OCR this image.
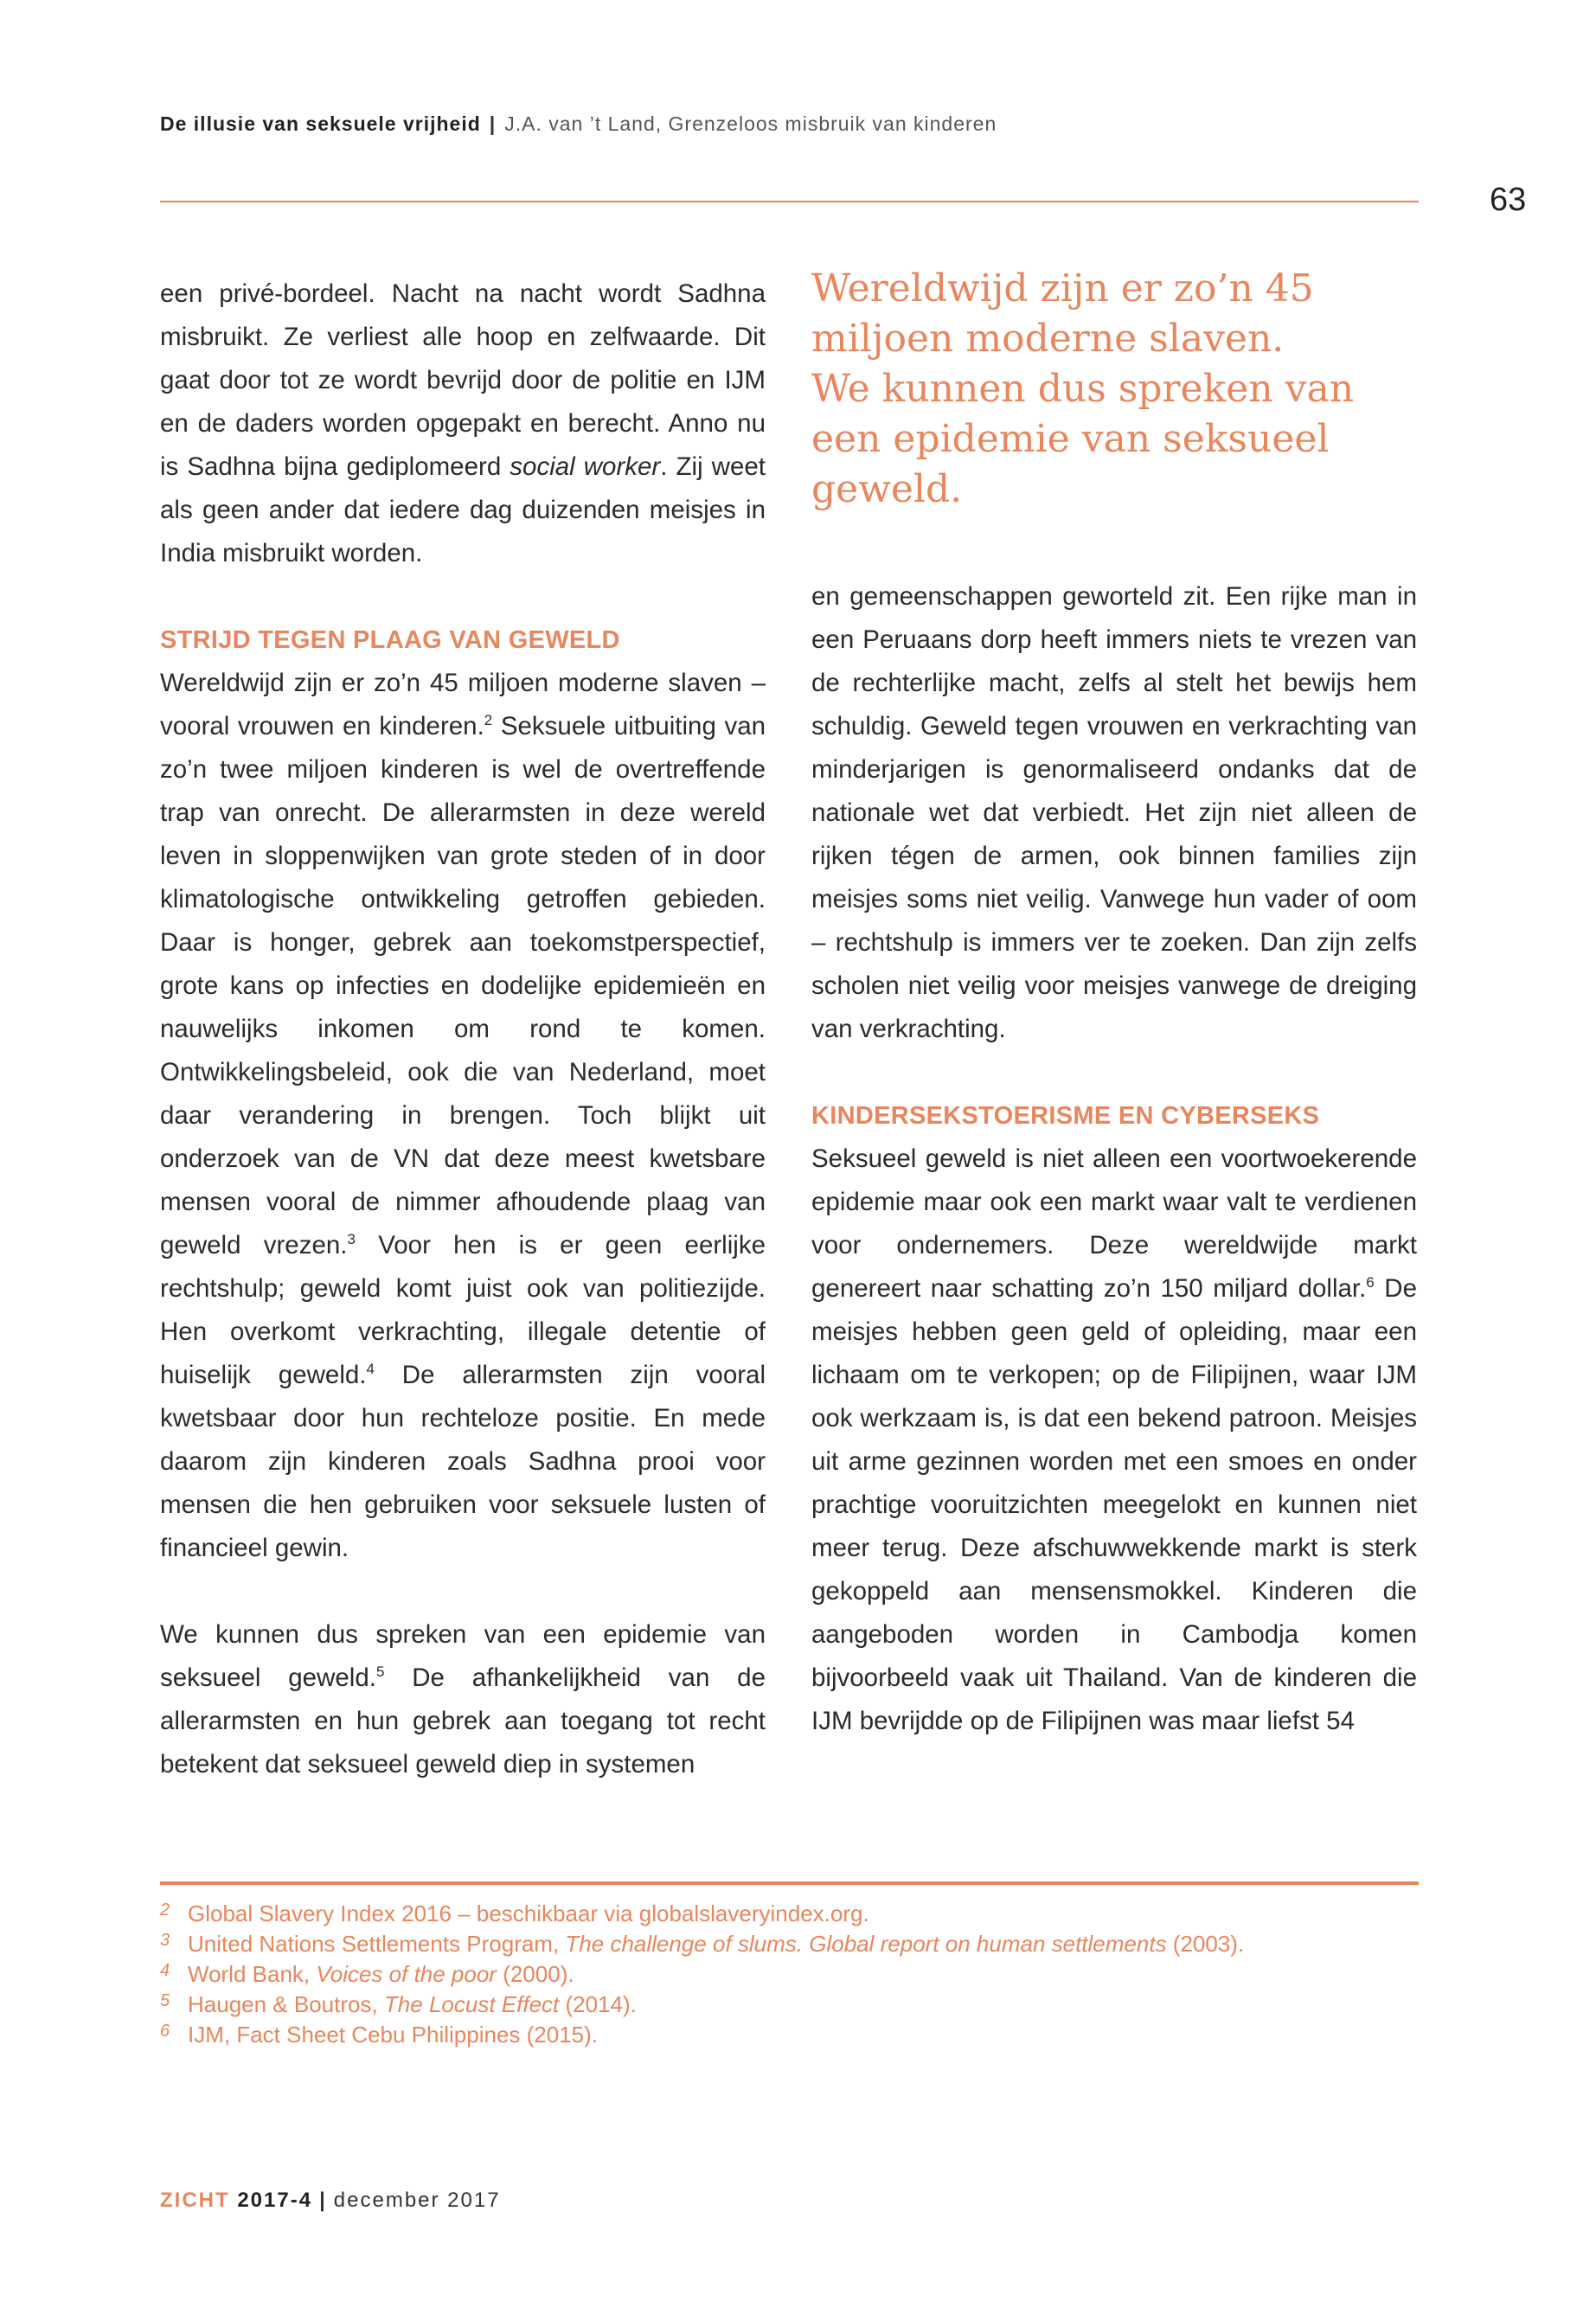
De illusie van seksuele vrijheid | J.A. van ’t Land, Grenzeloos misbruik van kinderen
63

een privé-bordeel. Nacht na nacht wordt Sadhna misbruikt. Ze verliest alle hoop en zelfwaarde. Dit gaat door tot ze wordt bevrijd door de politie en IJM en de daders worden opgepakt en berecht. Anno nu is Sadhna bijna gediplomeerd social worker. Zij weet als geen ander dat iedere dag duizenden meisjes in India misbruikt worden.

STRIJD TEGEN PLAAG VAN GEWELD

Wereldwijd zijn er zo’n 45 miljoen moderne slaven – vooral vrouwen en kinderen.$^2$ Seksuele uitbuiting van zo’n twee miljoen kinderen is wel de overtreffende trap van onrecht. De allerarmsten in deze wereld leven in sloppenwijken van grote steden of in door klimatologische ontwikkeling getroffen gebieden. Daar is honger, gebrek aan toekomstperspectief, grote kans op infecties en dodelijke epidemieën en nauwelijks inkomen om rond te komen. Ontwikkelingsbeleid, ook die van Nederland, moet daar verandering in brengen. Toch blijkt uit onderzoek van de VN dat deze meest kwetsbare mensen vooral de nimmer afhoudende plaag van geweld vrezen.$^3$ Voor hen is er geen eerlijke rechtshulp; geweld komt juist ook van politiezijde. Hen overkomt verkrachting, illegale detentie of huiselijk geweld.$^4$ De allerarmsten zijn vooral kwetsbaar door hun rechteloze positie. En mede daarom zijn kinderen zoals Sadhna prooi voor mensen die hen gebruiken voor seksuele lusten of financieel gewin.

We kunnen dus spreken van een epidemie van seksueel geweld.$^5$ De afhankelijkheid van de allerarmsten en hun gebrek aan toegang tot recht betekent dat seksueel geweld diep in systemen

Wereldwijd zijn er zo’n 45
miljoen moderne slaven.
We kunnen dus spreken van
een epidemie van seksueel
geweld.

en gemeenschappen geworteld zit. Een rijke man in een Peruaans dorp heeft immers niets te vrezen van de rechterlijke macht, zelfs al stelt het bewijs hem schuldig. Geweld tegen vrouwen en verkrachting van minderjarigen is genormaliseerd ondanks dat de nationale wet dat verbiedt. Het zijn niet alleen de rijken tégen de armen, ook binnen families zijn meisjes soms niet veilig. Vanwege hun vader of oom – rechtshulp is immers ver te zoeken. Dan zijn zelfs scholen niet veilig voor meisjes vanwege de dreiging van verkrachting.

KINDERSEKSTOERISME EN CYBERSEKS

Seksueel geweld is niet alleen een voortwoekerende epidemie maar ook een markt waar valt te verdienen voor ondernemers. Deze wereldwijde markt genereert naar schatting zo’n 150 miljard dollar.$^6$ De meisjes hebben geen geld of opleiding, maar een lichaam om te verkopen; op de Filipijnen, waar IJM ook werkzaam is, is dat een bekend patroon. Meisjes uit arme gezinnen worden met een smoes en onder prachtige vooruitzichten meegelokt en kunnen niet meer terug. Deze afschuwwekkende markt is sterk gekoppeld aan mensensmokkel. Kinderen die aangeboden worden in Cambodja komen bijvoorbeeld vaak uit Thailand. Van de kinderen die IJM bevrijdde op de Filipijnen was maar liefst 54

2 Global Slavery Index 2016 – beschikbaar via globalslaveryindex.org.
3 United Nations Settlements Program, The challenge of slums. Global report on human settlements (2003).
4 World Bank, Voices of the poor (2000).
5 Haugen & Boutros, The Locust Effect (2014).
6 IJM, Fact Sheet Cebu Philippines (2015).
ZICHT 2017-4 | december 2017
